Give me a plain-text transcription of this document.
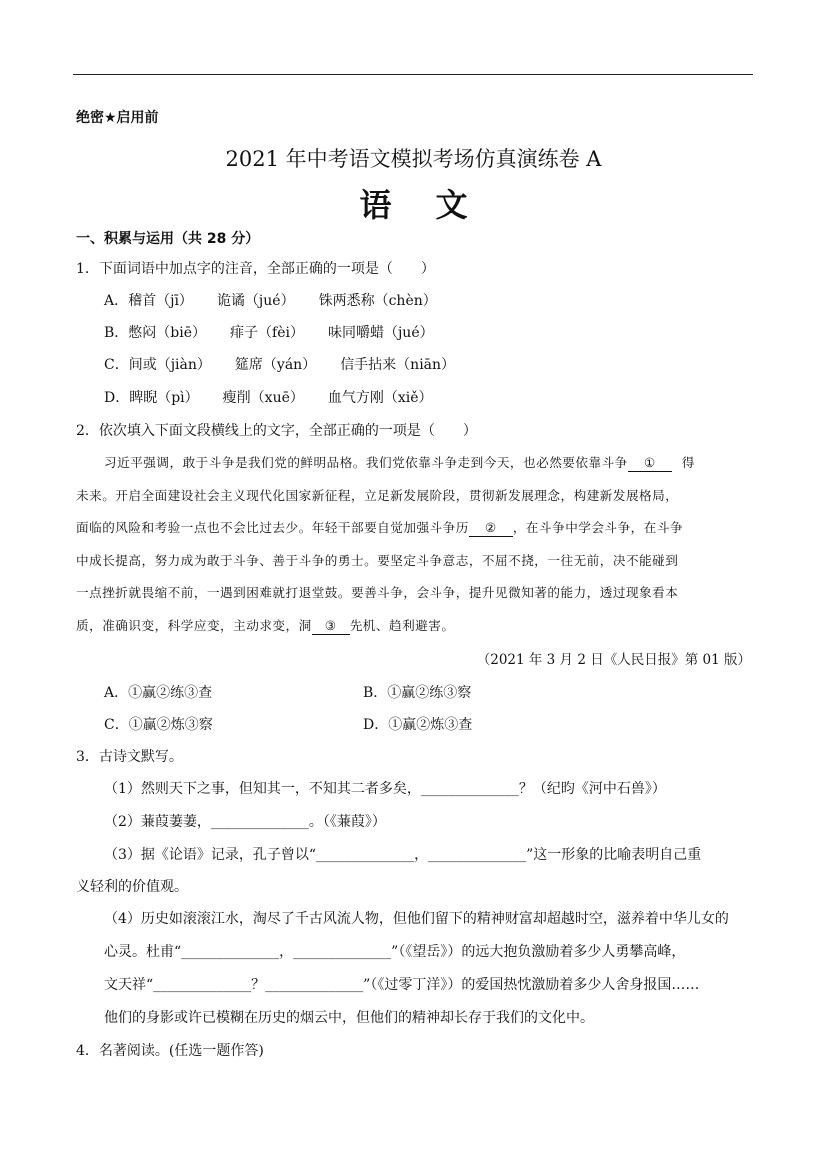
绝密★启用前
2021 年中考语文模拟考场仿真演练卷 A
语文
一、积累与运用（共 28 分）
1．下面词语中加点字的注音，全部正确的一项是（　　）
A．稽首（jī） 诡谲（jué） 铢两悉称（chèn）
B．憋闷（biē） 痱子（fèi） 味同嚼蜡（jué）
C．间或（jiàn） 筵席（yán） 信手拈来（niān）
D．睥睨（pì） 瘦削（xuē） 血气方刚（xiě）
2．依次填入下面文段横线上的文字，全部正确的一项是（　　）
习近平强调，敢于斗争是我们党的鲜明品格。我们党依靠斗争走到今天，也必然要依靠斗争 ① 得
未来。开启全面建设社会主义现代化国家新征程，立足新发展阶段，贯彻新发展理念，构建新发展格局，
面临的风险和考验一点也不会比过去少。年轻干部要自觉加强斗争历 ② ，在斗争中学会斗争，在斗争
中成长提高，努力成为敢于斗争、善于斗争的勇士。要坚定斗争意志，不屈不挠，一往无前，决不能碰到
一点挫折就畏缩不前，一遇到困难就打退堂鼓。要善斗争，会斗争，提升见微知著的能力，透过现象看本
质，准确识变，科学应变，主动求变，洞 ③ 先机、趋利避害。
（2021 年 3 月 2 日《人民日报》第 01 版）
A．①赢②练③查	B．①赢②练③察
C．①赢②炼③察	D．①赢②炼③查
3．古诗文默写。
（1）然则天下之事，但知其一，不知其二者多矣，______________？（纪昀《河中石兽》）
（2）蒹葭萋萋，______________。（《蒹葭》）
（3）据《论语》记录，孔子曾以“______________，______________”这一形象的比喻表明自己重
义轻利的价值观。
（4）历史如滚滚江水，淘尽了千古风流人物，但他们留下的精神财富却超越时空，滋养着中华儿女的
心灵。杜甫“______________，______________”（《望岳》）的远大抱负激励着多少人勇攀高峰，
文天祥“______________？______________”（《过零丁洋》）的爱国热忱激励着多少人舍身报国……
他们的身影或许已模糊在历史的烟云中，但他们的精神却长存于我们的文化中。
4．名著阅读。(任选一题作答)
